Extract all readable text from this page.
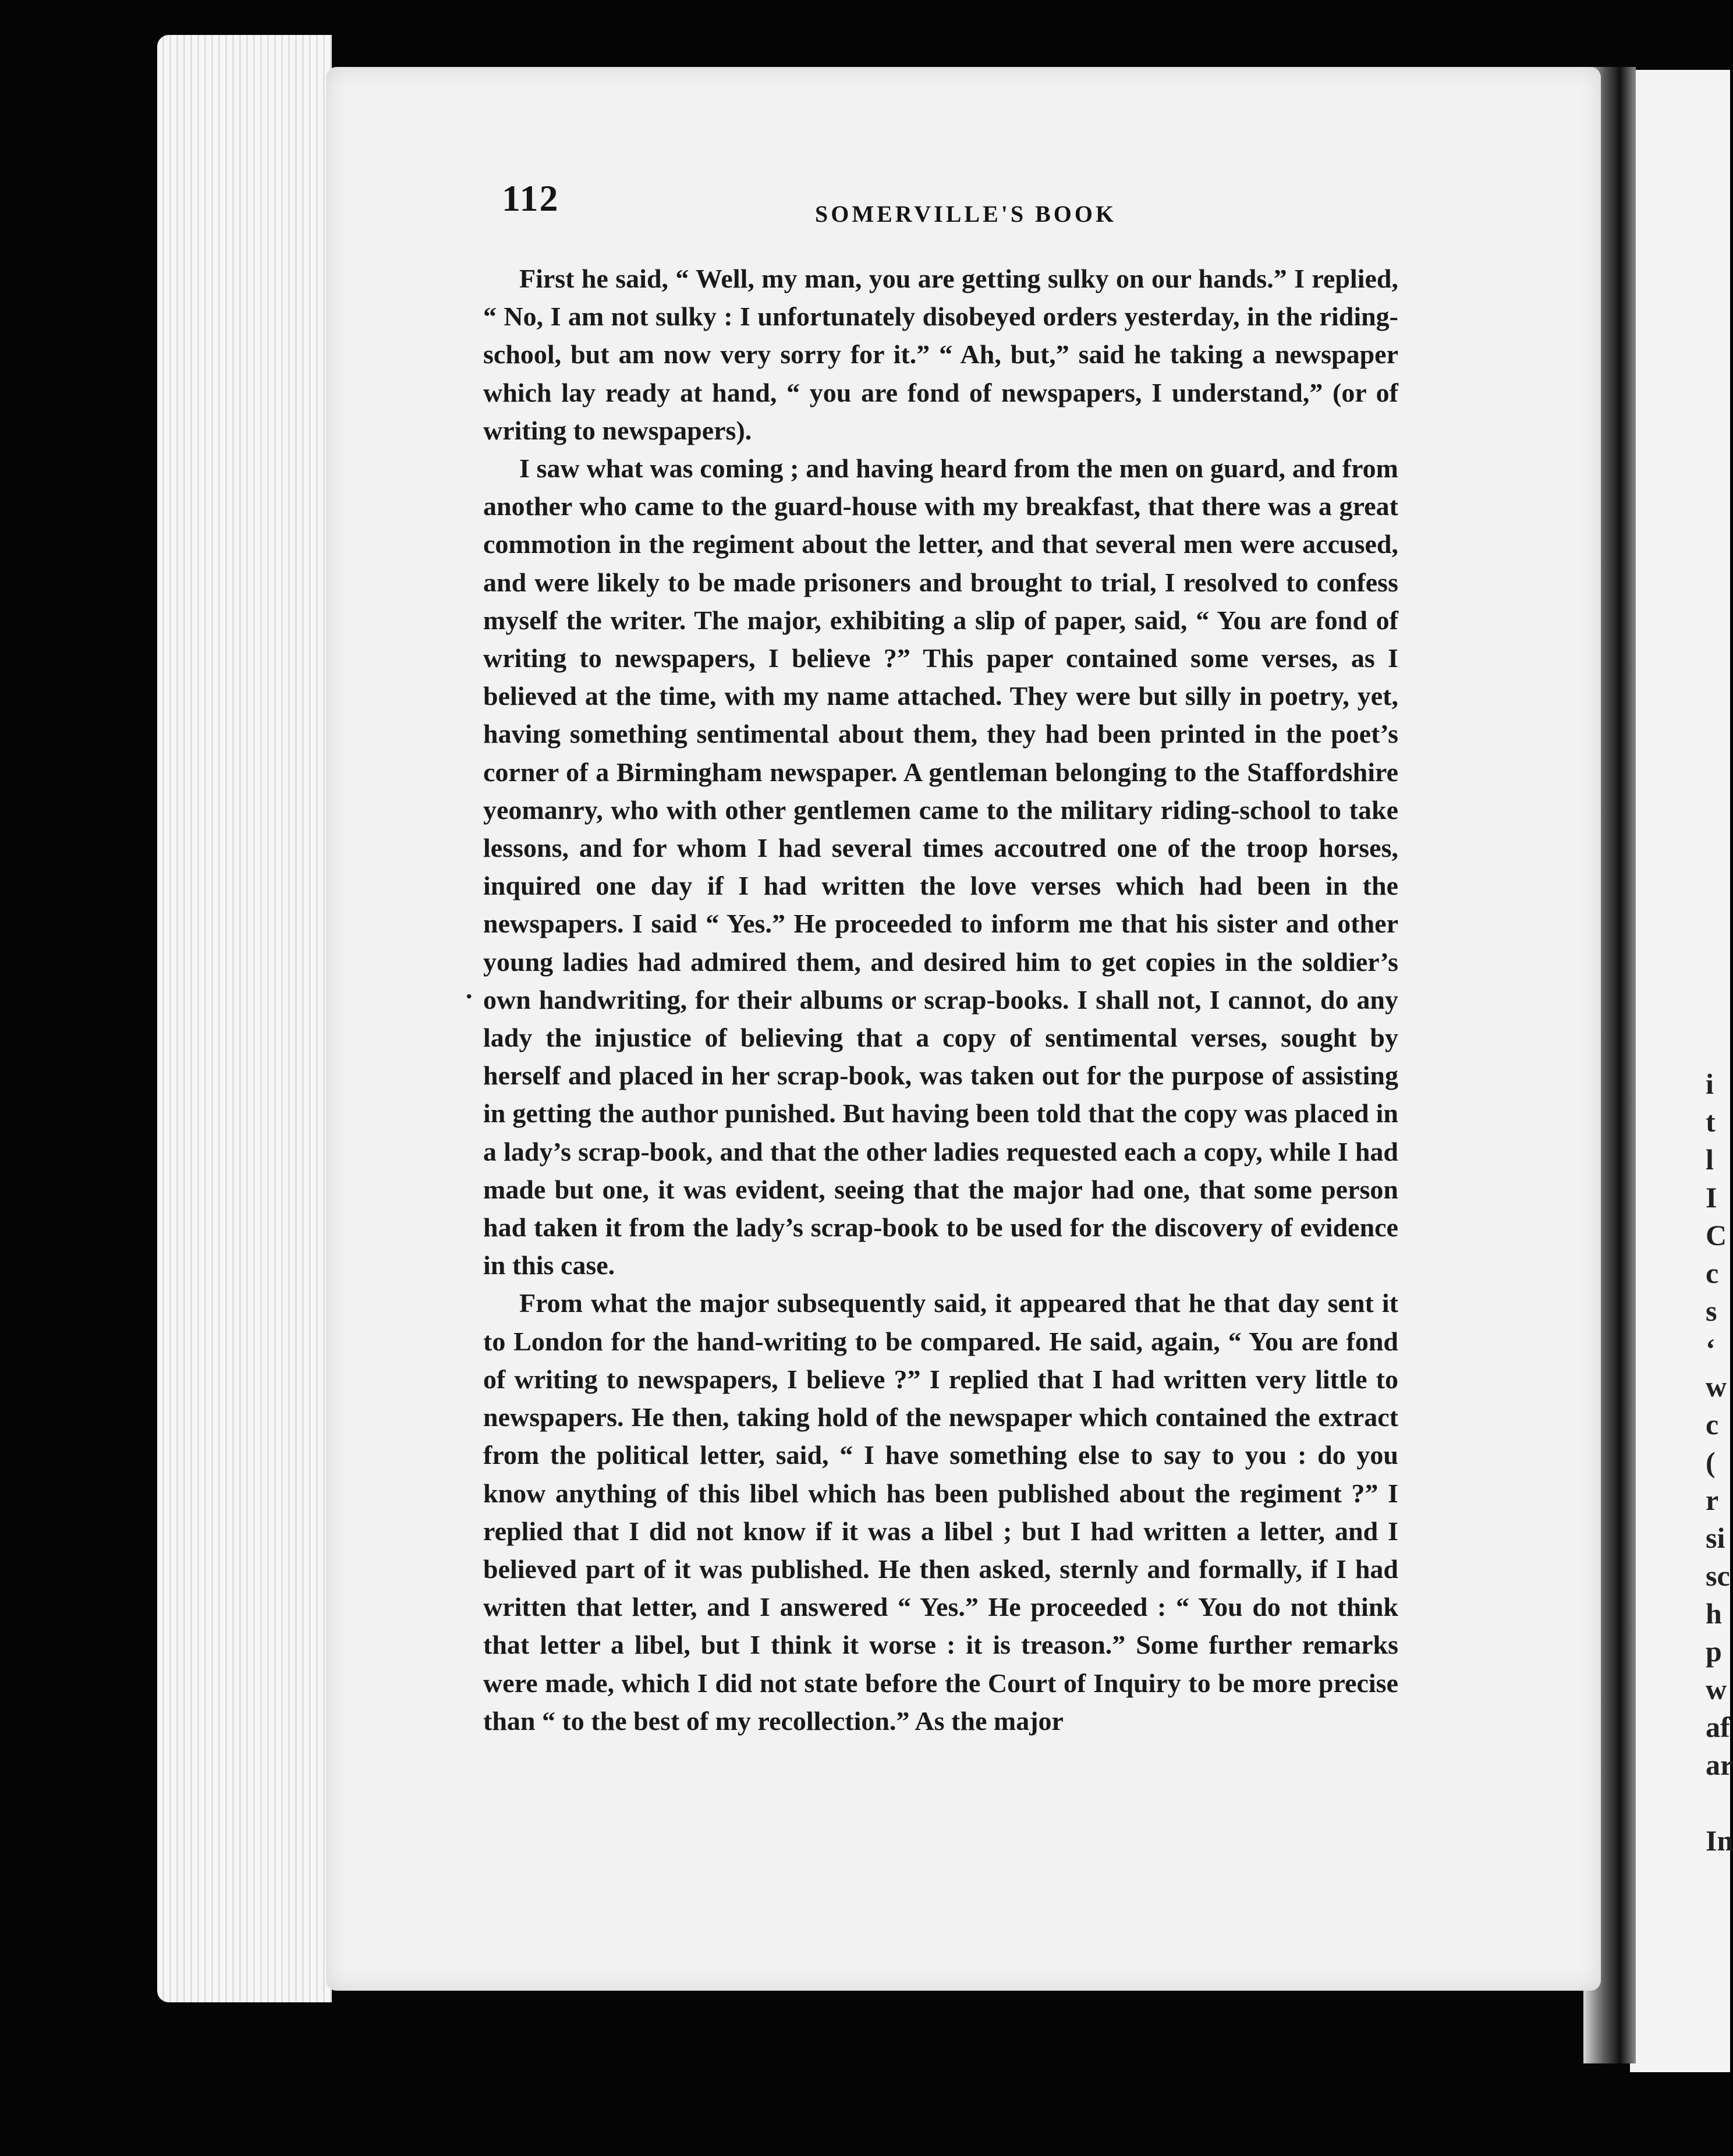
i
t
l
I
C
c
s
‘
w
c
(
r
si
sc
h
p
w
af
ar

In
112	SOMERVILLE'S BOOK
.

First he said, “ Well, my man, you are getting sulky on our hands.” I replied, “ No, I am not sulky : I unfortunately disobeyed orders yesterday, in the riding-school, but am now very sorry for it.” “ Ah, but,” said he taking a newspaper which lay ready at hand, “ you are fond of newspapers, I understand,” (or of writing to newspapers).

I saw what was coming ; and having heard from the men on guard, and from another who came to the guard-house with my breakfast, that there was a great commotion in the regiment about the letter, and that several men were accused, and were likely to be made prisoners and brought to trial, I resolved to confess myself the writer. The major, exhibiting a slip of paper, said, “ You are fond of writing to newspapers, I believe ?” This paper contained some verses, as I believed at the time, with my name attached. They were but silly in poetry, yet, having something sentimental about them, they had been printed in the poet’s corner of a Birmingham newspaper. A gentleman belonging to the Staffordshire yeomanry, who with other gentlemen came to the military riding-school to take lessons, and for whom I had several times accoutred one of the troop horses, inquired one day if I had written the love verses which had been in the newspapers. I said “ Yes.” He proceeded to inform me that his sister and other young ladies had admired them, and desired him to get copies in the soldier’s own handwriting, for their albums or scrap-books. I shall not, I cannot, do any lady the injustice of believing that a copy of sentimental verses, sought by herself and placed in her scrap-book, was taken out for the purpose of assisting in getting the author punished. But having been told that the copy was placed in a lady’s scrap-book, and that the other ladies requested each a copy, while I had made but one, it was evident, seeing that the major had one, that some person had taken it from the lady’s scrap-book to be used for the discovery of evidence in this case.

From what the major subsequently said, it appeared that he that day sent it to London for the hand-writing to be compared. He said, again, “ You are fond of writing to newspapers, I believe ?” I replied that I had written very little to newspapers. He then, taking hold of the newspaper which contained the extract from the political letter, said, “ I have something else to say to you : do you know anything of this libel which has been published about the regiment ?” I replied that I did not know if it was a libel ; but I had written a letter, and I believed part of it was published. He then asked, sternly and formally, if I had written that letter, and I answered “ Yes.” He proceeded : “ You do not think that letter a libel, but I think it worse : it is treason.” Some further remarks were made, which I did not state before the Court of Inquiry to be more precise than “ to the best of my recollection.” As the major
